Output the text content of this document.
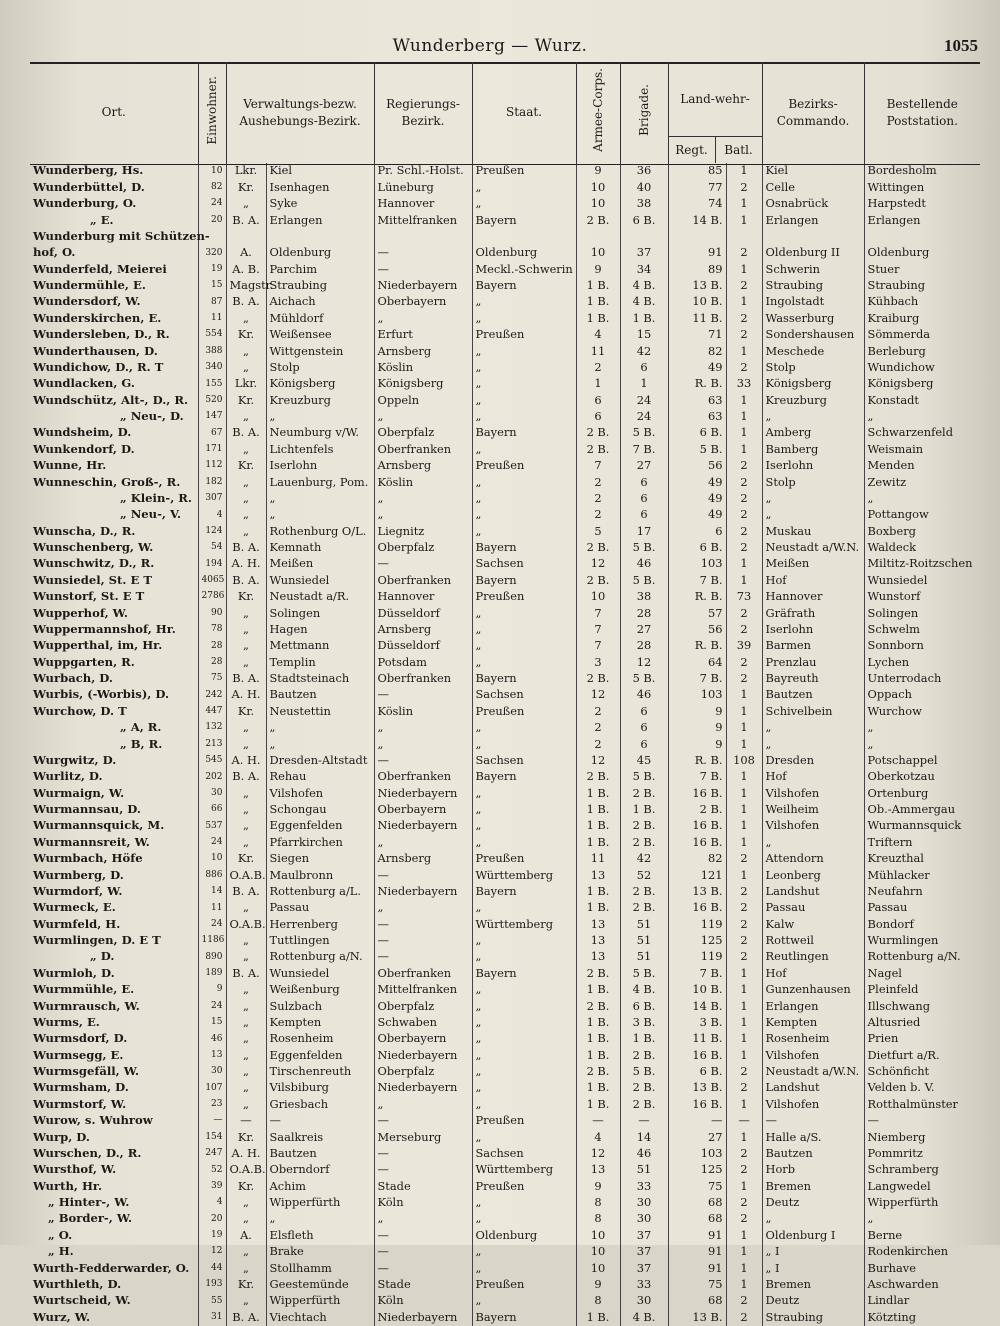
Wunderberg — Wurz.	1055
Ort.	Einwohner.	Verwaltungs-bezw. Aushebungs-Bezirk.		Regierungs-Bezirk.	Staat.	Armee-Corps.	Brigade.	Land-wehr-
Regt. Batl.		Bezirks-Commando.	Bestellende Poststation.
Wunderberg, Hs.	10	Lkr.	Kiel	Pr. Schl.-Holst.	Preußen	9	36	85	1	Kiel	Bordesholm
Wunderbüttel, D.	82	Kr.	Isenhagen	Lüneburg	„	10	40	77	2	Celle	Wittingen
Wunderburg, O.	24	„	Syke	Hannover	„	10	38	74	1	Osnabrück	Harpstedt
„ E.	20	B. A.	Erlangen	Mittelfranken	Bayern	2 B.	6 B.	14 B.	1	Erlangen	Erlangen
Wunderburg mit Schützen-											
hof, O.	320	A.	Oldenburg	—	Oldenburg	10	37	91	2	Oldenburg II	Oldenburg
Wunderfeld, Meierei	19	A. B.	Parchim	—	Meckl.-Schwerin	9	34	89	1	Schwerin	Stuer
Wundermühle, E.	15	Magstr.	Straubing	Niederbayern	Bayern	1 B.	4 B.	13 B.	2	Straubing	Straubing
Wundersdorf, W.	87	B. A.	Aichach	Oberbayern	„	1 B.	4 B.	10 B.	1	Ingolstadt	Kühbach
Wunderskirchen, E.	11	„	Mühldorf	„	„	1 B.	1 B.	11 B.	2	Wasserburg	Kraiburg
Wundersleben, D., R.	554	Kr.	Weißensee	Erfurt	Preußen	4	15	71	2	Sondershausen	Sömmerda
Wunderthausen, D.	388	„	Wittgenstein	Arnsberg	„	11	42	82	1	Meschede	Berleburg
Wundichow, D., R. T	340	„	Stolp	Köslin	„	2	6	49	2	Stolp	Wundichow
Wundlacken, G.	155	Lkr.	Königsberg	Königsberg	„	1	1	R. B.	33	Königsberg	Königsberg
Wundschütz, Alt-, D., R.	520	Kr.	Kreuzburg	Oppeln	„	6	24	63	1	Kreuzburg	Konstadt
„ Neu-, D.	147	„	„	„	„	6	24	63	1	„	„
Wundsheim, D.	67	B. A.	Neumburg v/W.	Oberpfalz	Bayern	2 B.	5 B.	6 B.	1	Amberg	Schwarzenfeld
Wunkendorf, D.	171	„	Lichtenfels	Oberfranken	„	2 B.	7 B.	5 B.	1	Bamberg	Weismain
Wunne, Hr.	112	Kr.	Iserlohn	Arnsberg	Preußen	7	27	56	2	Iserlohn	Menden
Wunneschin, Groß-, R.	182	„	Lauenburg, Pom.	Köslin	„	2	6	49	2	Stolp	Zewitz
„ Klein-, R.	307	„	„	„	„	2	6	49	2	„	„
„ Neu-, V.	4	„	„	„	„	2	6	49	2	„	Pottangow
Wunscha, D., R.	124	„	Rothenburg O/L.	Liegnitz	„	5	17	6	2	Muskau	Boxberg
Wunschenberg, W.	54	B. A.	Kemnath	Oberpfalz	Bayern	2 B.	5 B.	6 B.	2	Neustadt a/W.N.	Waldeck
Wunschwitz, D., R.	194	A. H.	Meißen	—	Sachsen	12	46	103	1	Meißen	Miltitz-Roitzschen
Wunsiedel, St. E T	4065	B. A.	Wunsiedel	Oberfranken	Bayern	2 B.	5 B.	7 B.	1	Hof	Wunsiedel
Wunstorf, St. E T	2786	Kr.	Neustadt a/R.	Hannover	Preußen	10	38	R. B.	73	Hannover	Wunstorf
Wupperhof, W.	90	„	Solingen	Düsseldorf	„	7	28	57	2	Gräfrath	Solingen
Wuppermannshof, Hr.	78	„	Hagen	Arnsberg	„	7	27	56	2	Iserlohn	Schwelm
Wupperthal, im, Hr.	28	„	Mettmann	Düsseldorf	„	7	28	R. B.	39	Barmen	Sonnborn
Wuppgarten, R.	28	„	Templin	Potsdam	„	3	12	64	2	Prenzlau	Lychen
Wurbach, D.	75	B. A.	Stadtsteinach	Oberfranken	Bayern	2 B.	5 B.	7 B.	2	Bayreuth	Unterrodach
Wurbis, (-Worbis), D.	242	A. H.	Bautzen	—	Sachsen	12	46	103	1	Bautzen	Oppach
Wurchow, D. T	447	Kr.	Neustettin	Köslin	Preußen	2	6	9	1	Schivelbein	Wurchow
„ A, R.	132	„	„	„	„	2	6	9	1	„	„
„ B, R.	213	„	„	„	„	2	6	9	1	„	„
Wurgwitz, D.	545	A. H.	Dresden-Altstadt	—	Sachsen	12	45	R. B.	108	Dresden	Potschappel
Wurlitz, D.	202	B. A.	Rehau	Oberfranken	Bayern	2 B.	5 B.	7 B.	1	Hof	Oberkotzau
Wurmaign, W.	30	„	Vilshofen	Niederbayern	„	1 B.	2 B.	16 B.	1	Vilshofen	Ortenburg
Wurmannsau, D.	66	„	Schongau	Oberbayern	„	1 B.	1 B.	2 B.	1	Weilheim	Ob.-Ammergau
Wurmannsquick, M.	537	„	Eggenfelden	Niederbayern	„	1 B.	2 B.	16 B.	1	Vilshofen	Wurmannsquick
Wurmannsreit, W.	24	„	Pfarrkirchen	„	„	1 B.	2 B.	16 B.	1	„	Triftern
Wurmbach, Höfe	10	Kr.	Siegen	Arnsberg	Preußen	11	42	82	2	Attendorn	Kreuzthal
Wurmberg, D.	886	O.A.B.	Maulbronn	—	Württemberg	13	52	121	1	Leonberg	Mühlacker
Wurmdorf, W.	14	B. A.	Rottenburg a/L.	Niederbayern	Bayern	1 B.	2 B.	13 B.	2	Landshut	Neufahrn
Wurmeck, E.	11	„	Passau	„	„	1 B.	2 B.	16 B.	2	Passau	Passau
Wurmfeld, H.	24	O.A.B.	Herrenberg	—	Württemberg	13	51	119	2	Kalw	Bondorf
Wurmlingen, D. E T	1186	„	Tuttlingen	—	„	13	51	125	2	Rottweil	Wurmlingen
„ D.	890	„	Rottenburg a/N.	—	„	13	51	119	2	Reutlingen	Rottenburg a/N.
Wurmloh, D.	189	B. A.	Wunsiedel	Oberfranken	Bayern	2 B.	5 B.	7 B.	1	Hof	Nagel
Wurmmühle, E.	9	„	Weißenburg	Mittelfranken	„	1 B.	4 B.	10 B.	1	Gunzenhausen	Pleinfeld
Wurmrausch, W.	24	„	Sulzbach	Oberpfalz	„	2 B.	6 B.	14 B.	1	Erlangen	Illschwang
Wurms, E.	15	„	Kempten	Schwaben	„	1 B.	3 B.	3 B.	1	Kempten	Altusried
Wurmsdorf, D.	46	„	Rosenheim	Oberbayern	„	1 B.	1 B.	11 B.	1	Rosenheim	Prien
Wurmsegg, E.	13	„	Eggenfelden	Niederbayern	„	1 B.	2 B.	16 B.	1	Vilshofen	Dietfurt a/R.
Wurmsgefäll, W.	30	„	Tirschenreuth	Oberpfalz	„	2 B.	5 B.	6 B.	2	Neustadt a/W.N.	Schönficht
Wurmsham, D.	107	„	Vilsbiburg	Niederbayern	„	1 B.	2 B.	13 B.	2	Landshut	Velden b. V.
Wurmstorf, W.	23	„	Griesbach	„	„	1 B.	2 B.	16 B.	1	Vilshofen	Rotthalmünster
Wurow, s. Wuhrow	—	—	—	—	Preußen	—	—	—	—	—	—
Wurp, D.	154	Kr.	Saalkreis	Merseburg	„	4	14	27	1	Halle a/S.	Niemberg
Wurschen, D., R.	247	A. H.	Bautzen	—	Sachsen	12	46	103	2	Bautzen	Pommritz
Wursthof, W.	52	O.A.B.	Oberndorf	—	Württemberg	13	51	125	2	Horb	Schramberg
Wurth, Hr.	39	Kr.	Achim	Stade	Preußen	9	33	75	1	Bremen	Langwedel
„ Hinter-, W.	4	„	Wipperfürth	Köln	„	8	30	68	2	Deutz	Wipperfürth
„ Border-, W.	20	„	„	„	„	8	30	68	2	„	„
„ O.	19	A.	Elsfleth	—	Oldenburg	10	37	91	1	Oldenburg I	Berne
„ H.	12	„	Brake	—	„	10	37	91	1	„ I	Rodenkirchen
Wurth-Fedderwarder, O.	44	„	Stollhamm	—	„	10	37	91	1	„ I	Burhave
Wurthleth, D.	193	Kr.	Geestemünde	Stade	Preußen	9	33	75	1	Bremen	Aschwarden
Wurtscheid, W.	55	„	Wipperfürth	Köln	„	8	30	68	2	Deutz	Lindlar
Wurz, W.	31	B. A.	Viechtach	Niederbayern	Bayern	1 B.	4 B.	13 B.	2	Straubing	Kötzting
